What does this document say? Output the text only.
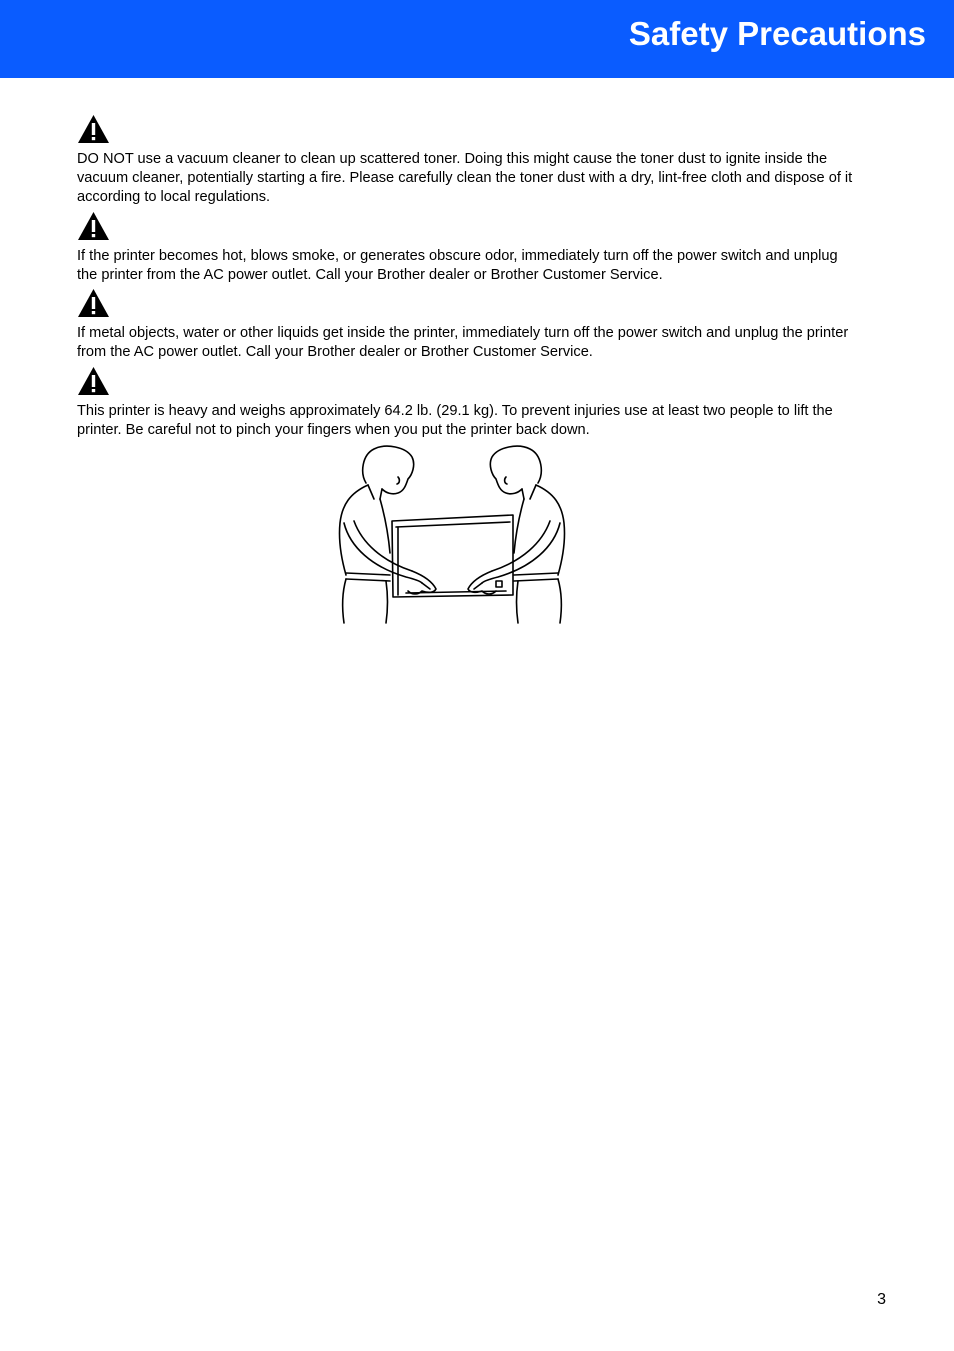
Safety Precautions

DO NOT use a vacuum cleaner to clean up scattered toner. Doing this might cause the toner dust to ignite inside the vacuum cleaner, potentially starting a fire. Please carefully clean the toner dust with a dry, lint-free cloth and dispose of it according to local regulations.

If the printer becomes hot, blows smoke, or generates obscure odor, immediately turn off the power switch and unplug the printer from the AC power outlet. Call your Brother dealer or Brother Customer Service.

If metal objects, water or other liquids get inside the printer, immediately turn off the power switch and unplug the printer from the AC power outlet. Call your Brother dealer or Brother Customer Service.

This printer is heavy and weighs approximately 64.2 lb. (29.1 kg). To prevent injuries use at least two people to lift the printer. Be careful not to pinch your fingers when you put the printer back down.

3
